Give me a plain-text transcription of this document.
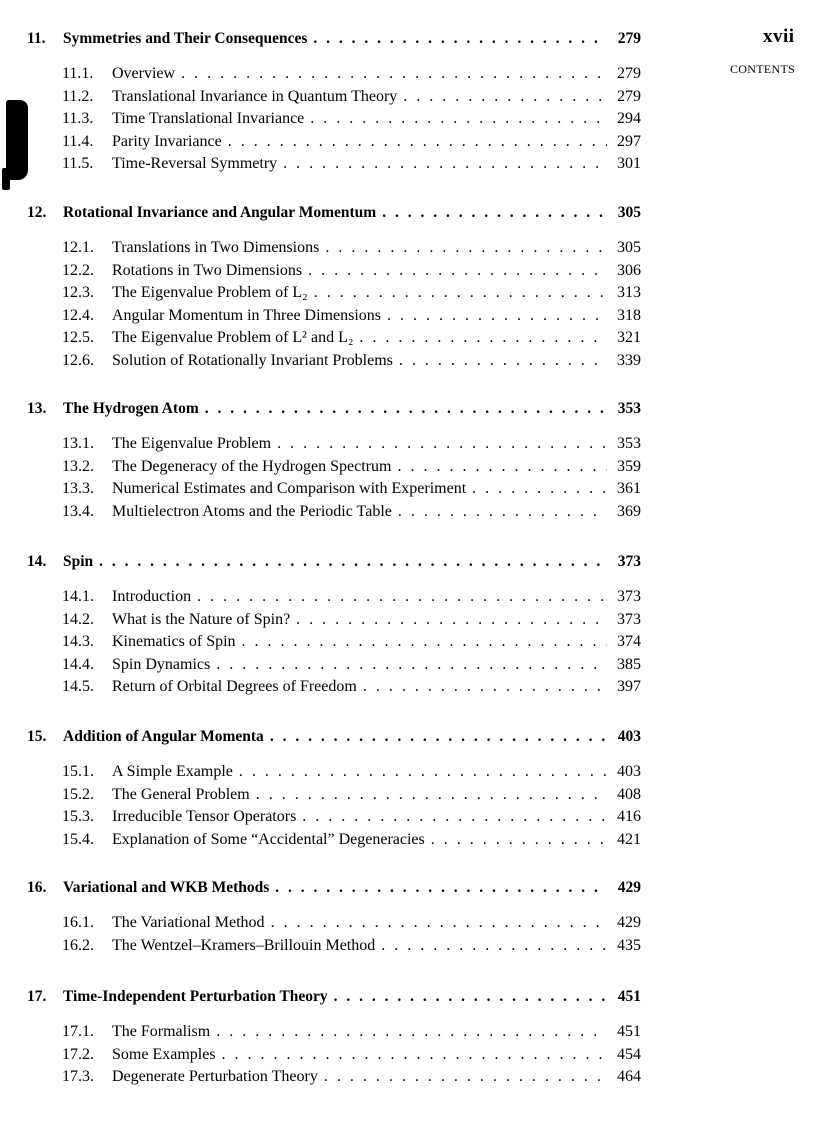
xvii
CONTENTS
11.	Symmetries and Their Consequences . . .	279
11.1.	Overview . . .	279
11.2.	Translational Invariance in Quantum Theory . . .	279
11.3.	Time Translational Invariance . . .	294
11.4.	Parity Invariance . . .	297
11.5.	Time-Reversal Symmetry . . .	301
12.	Rotational Invariance and Angular Momentum . . .	305
12.1.	Translations in Two Dimensions . . .	305
12.2.	Rotations in Two Dimensions . . .	306
12.3.	The Eigenvalue Problem of L₂ . . .	313
12.4.	Angular Momentum in Three Dimensions . . .	318
12.5.	The Eigenvalue Problem of L² and L₂ . . .	321
12.6.	Solution of Rotationally Invariant Problems . . .	339
13.	The Hydrogen Atom . . .	353
13.1.	The Eigenvalue Problem . . .	353
13.2.	The Degeneracy of the Hydrogen Spectrum . . .	359
13.3.	Numerical Estimates and Comparison with Experiment . . .	361
13.4.	Multielectron Atoms and the Periodic Table . . .	369
14.	Spin . . .	373
14.1.	Introduction . . .	373
14.2.	What is the Nature of Spin? . . .	373
14.3.	Kinematics of Spin . . .	374
14.4.	Spin Dynamics . . .	385
14.5.	Return of Orbital Degrees of Freedom . . .	397
15.	Addition of Angular Momenta . . .	403
15.1.	A Simple Example . . .	403
15.2.	The General Problem . . .	408
15.3.	Irreducible Tensor Operators . . .	416
15.4.	Explanation of Some “Accidental” Degeneracies . . .	421
16.	Variational and WKB Methods . . .	429
16.1.	The Variational Method . . .	429
16.2.	The Wentzel–Kramers–Brillouin Method . . .	435
17.	Time-Independent Perturbation Theory . . .	451
17.1.	The Formalism . . .	451
17.2.	Some Examples . . .	454
17.3.	Degenerate Perturbation Theory . . .	464
